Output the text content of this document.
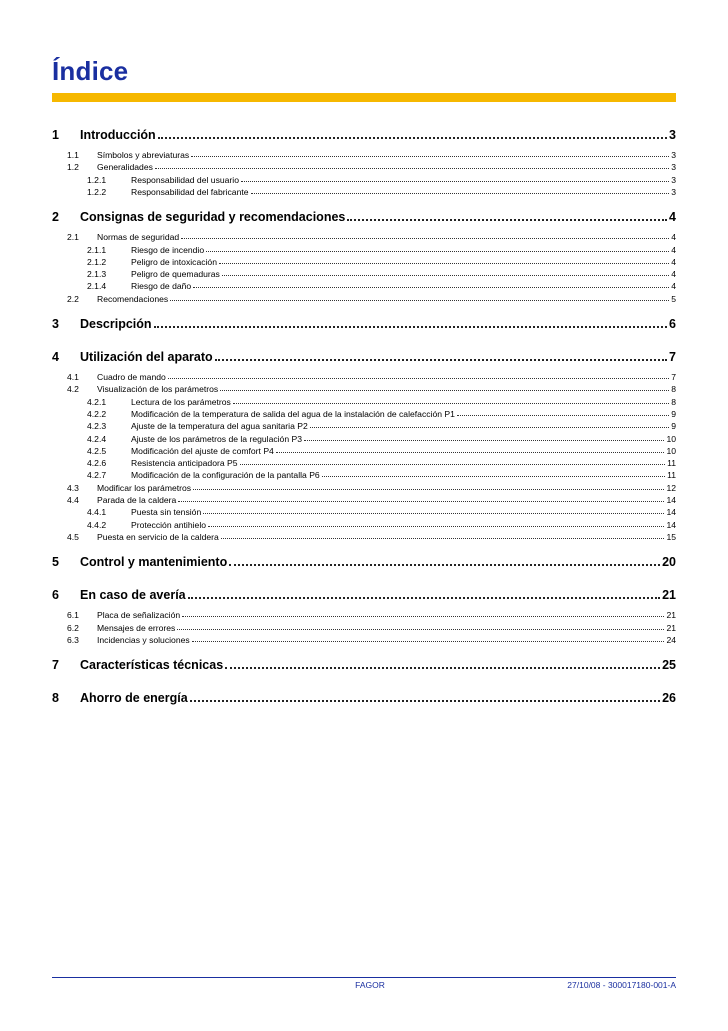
Índice
1	Introducción	3
1.1	Símbolos y abreviaturas	3
1.2	Generalidades	3
1.2.1	Responsabilidad del usuario	3
1.2.2	Responsabilidad del fabricante	3
2	Consignas de seguridad y recomendaciones	4
2.1	Normas de seguridad	4
2.1.1	Riesgo de incendio	4
2.1.2	Peligro de intoxicación	4
2.1.3	Peligro de quemaduras	4
2.1.4	Riesgo de daño	4
2.2	Recomendaciones	5
3	Descripción	6
4	Utilización del aparato	7
4.1	Cuadro de mando	7
4.2	Visualización de los parámetros	8
4.2.1	Lectura de los parámetros	8
4.2.2	Modificación de la temperatura de salida del agua de la instalación de calefacción P1	9
4.2.3	Ajuste de la temperatura del agua sanitaria P2	9
4.2.4	Ajuste de los parámetros de la regulación P3	10
4.2.5	Modificación del ajuste de comfort P4	10
4.2.6	Resistencia anticipadora P5	11
4.2.7	Modificación de la configuración de la pantalla P6	11
4.3	Modificar los parámetros	12
4.4	Parada de la caldera	14
4.4.1	Puesta sin tensión	14
4.4.2	Protección antihielo	14
4.5	Puesta en servicio de la caldera	15
5	Control y mantenimiento	20
6	En caso de avería	21
6.1	Placa de señalización	21
6.2	Mensajes de errores	21
6.3	Incidencias y soluciones	24
7	Características técnicas	25
8	Ahorro de energía	26
FAGOR	27/10/08 - 300017180-001-A
